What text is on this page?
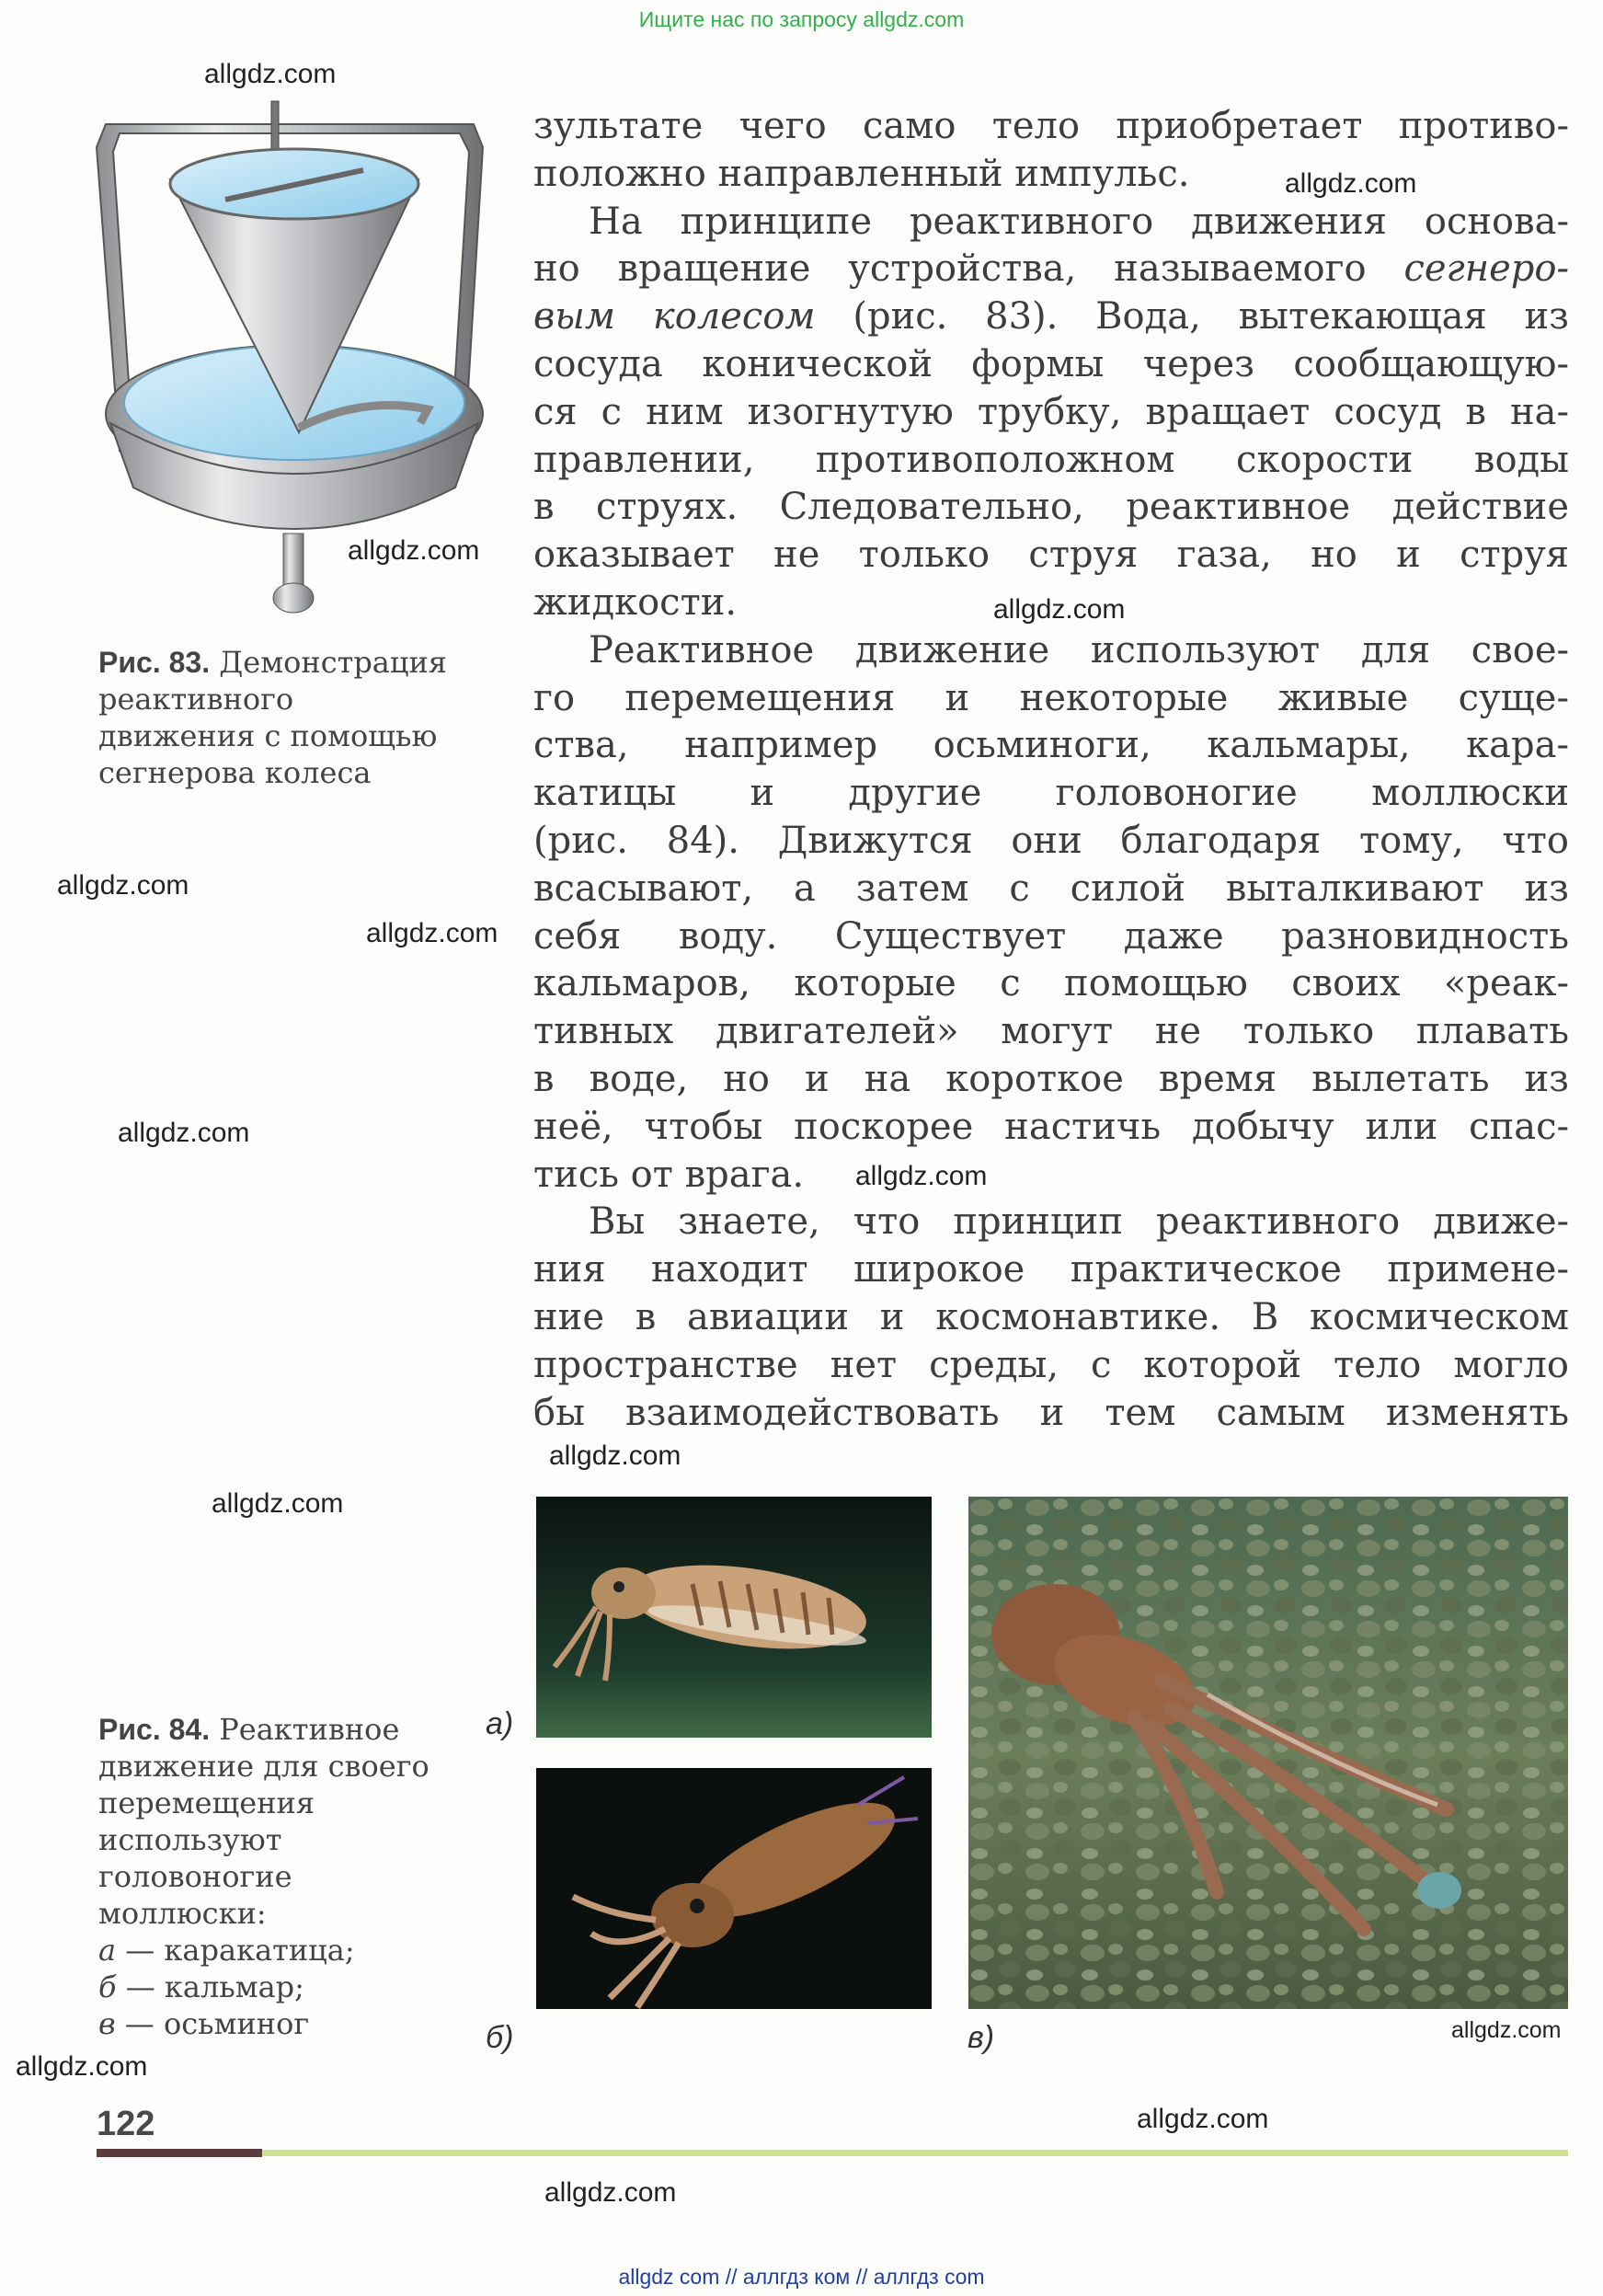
Ищите нас по запросу allgdz.com
allgdz.com
allgdz.com
allgdz.com
allgdz.com
allgdz.com
allgdz.com
allgdz.com
allgdz.com
allgdz.com
allgdz.com
allgdz.com
allgdz.com
allgdz.com
allgdz.com

зультате чего само тело приобретает противо-

положно направленный импульс.

На принципе реактивного движения основа-

но вращение устройства, называемого сегнеро-

вым колесом (рис. 83). Вода, вытекающая из

сосуда конической формы через сообщающую-

ся с ним изогнутую трубку, вращает сосуд в на-

правлении, противоположном скорости воды

в струях. Следовательно, реактивное действие

оказывает не только струя газа, но и струя

жидкости.

Реактивное движение используют для свое-

го перемещения и некоторые живые суще-

ства, например осьминоги, кальмары, кара-

катицы и другие головоногие моллюски

(рис. 84). Движутся они благодаря тому, что

всасывают, а затем с силой выталкивают из

себя воду. Существует даже разновидность

кальмаров, которые с помощью своих «реак-

тивных двигателей» могут не только плавать

в воде, но и на короткое время вылетать из

неё, чтобы поскорее настичь добычу или спас-

тись от врага.

Вы знаете, что принцип реактивного движе-

ния находит широкое практическое примене-

ние в авиации и космонавтике. В космическом

пространстве нет среды, с которой тело могло

бы взаимодействовать и тем самым изменять

Рис. 83. Демонстрация
реактивного
движения с помощью
сегнерова колеса
Рис. 84. Реактивное
движение для своего
перемещения
используют
головоногие
моллюски:
а — каракатица;
б — кальмар;
в — осьминог
а)
б)	в)
122
allgdz com // аллгдз ком // аллгдз com
